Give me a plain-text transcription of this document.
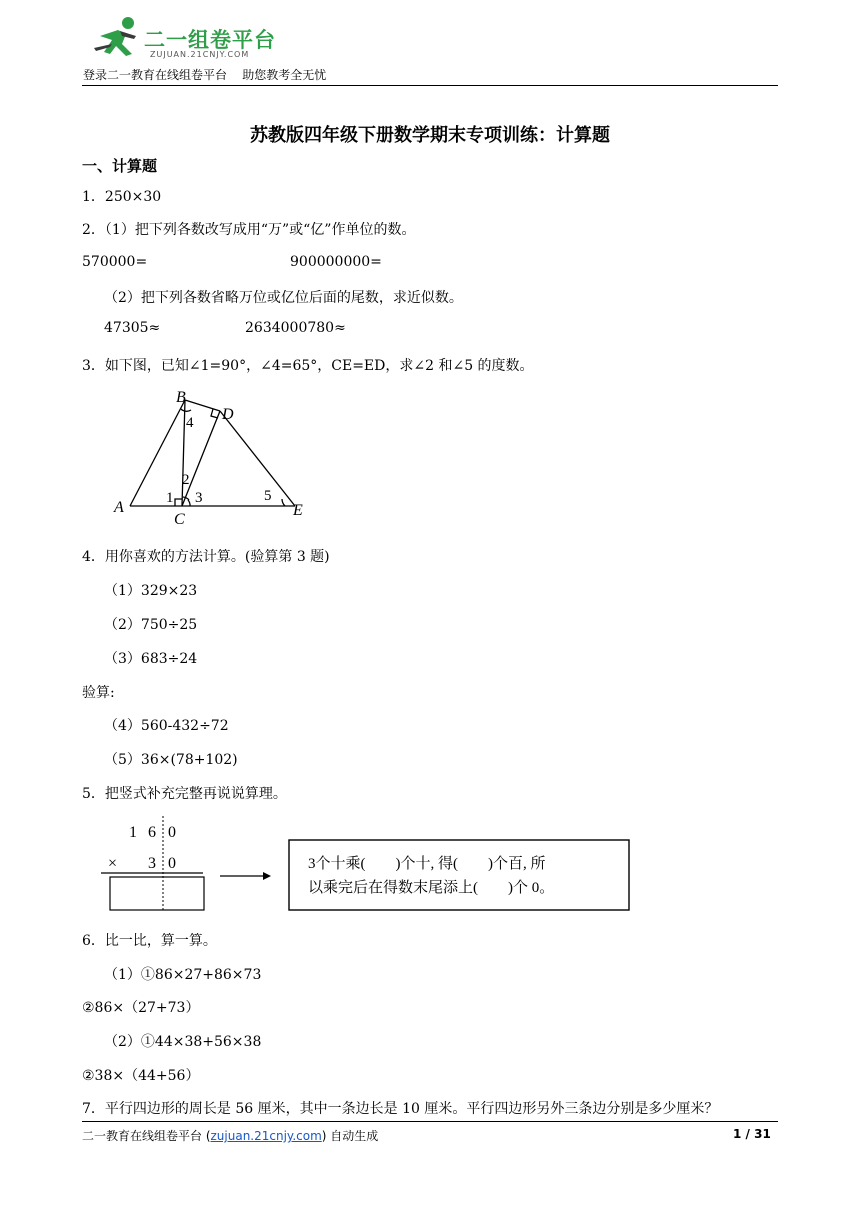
二一组卷平台
ZUJUAN.21CNJY.COM
登录二一教育在线组卷平台    助您教考全无忧
苏教版四年级下册数学期末专项训练：计算题
一、计算题
1．250×30
2．（1）把下列各数改写成用“万”或“亿”作单位的数。
570000=	900000000=
（2）把下列各数省略万位或亿位后面的尾数，求近似数。
47305≈	2634000780≈
3．如下图，已知∠1=90°，∠4=65°，CE=ED，求∠2 和∠5 的度数。
B
D
A
C
E
4
2
1 3	5
4．用你喜欢的方法计算。(验算第 3 题)
（1）329×23
（2）750÷25
（3）683÷24
验算:
（4）560-432÷72
（5）36×(78+102)
5．把竖式补充完整再说说算理。
1 6 0
× 3 0	3个十乘(        )个十, 得(        )个百, 所
以乘完后在得数末尾添上(        )个 0。
6．比一比，算一算。
（1）①86×27+86×73
②86×（27+73）
（2）①44×38+56×38
②38×（44+56）
7．平行四边形的周长是 56 厘米，其中一条边长是 10 厘米。平行四边形另外三条边分别是多少厘米？
二一教育在线组卷平台 (zujuan.21cnjy.com) 自动生成	1 / 31
